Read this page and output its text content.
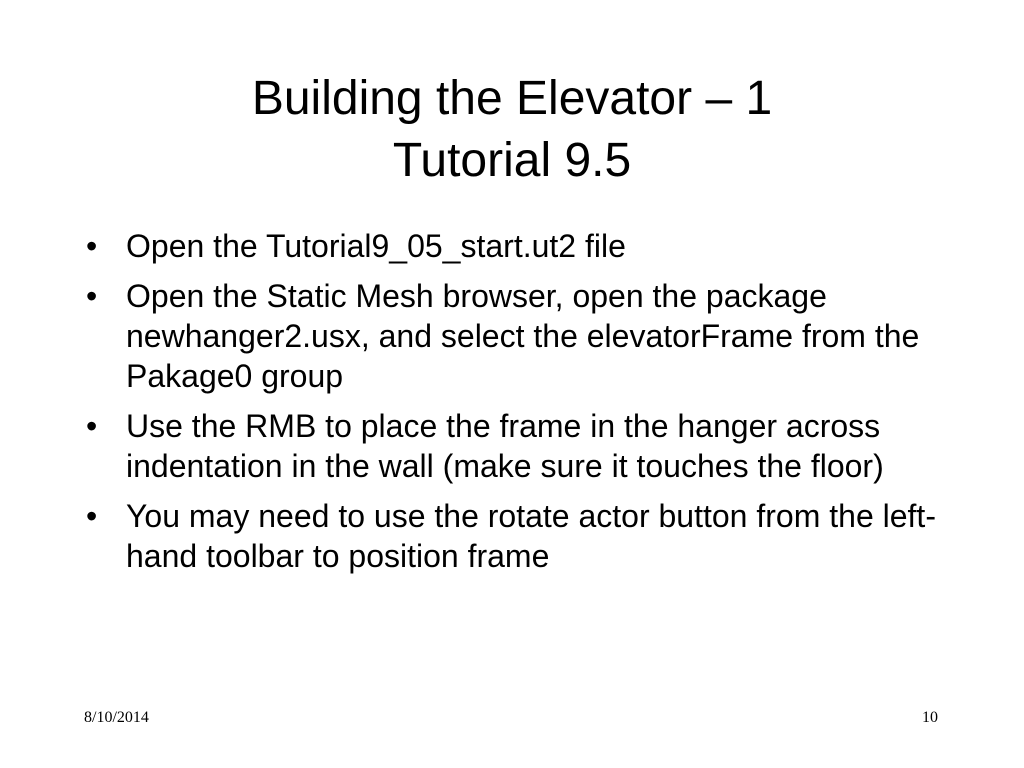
Building the Elevator – 1
Tutorial 9.5
• Open the Tutorial9_05_start.ut2 file
• Open the Static Mesh browser, open the package newhanger2.usx, and select the elevatorFrame from the Pakage0 group
• Use the RMB to place the frame in the hanger across indentation in the wall (make sure it touches the floor)
• You may need to use the rotate actor button from the left-hand toolbar to position frame
8/10/2014	10
